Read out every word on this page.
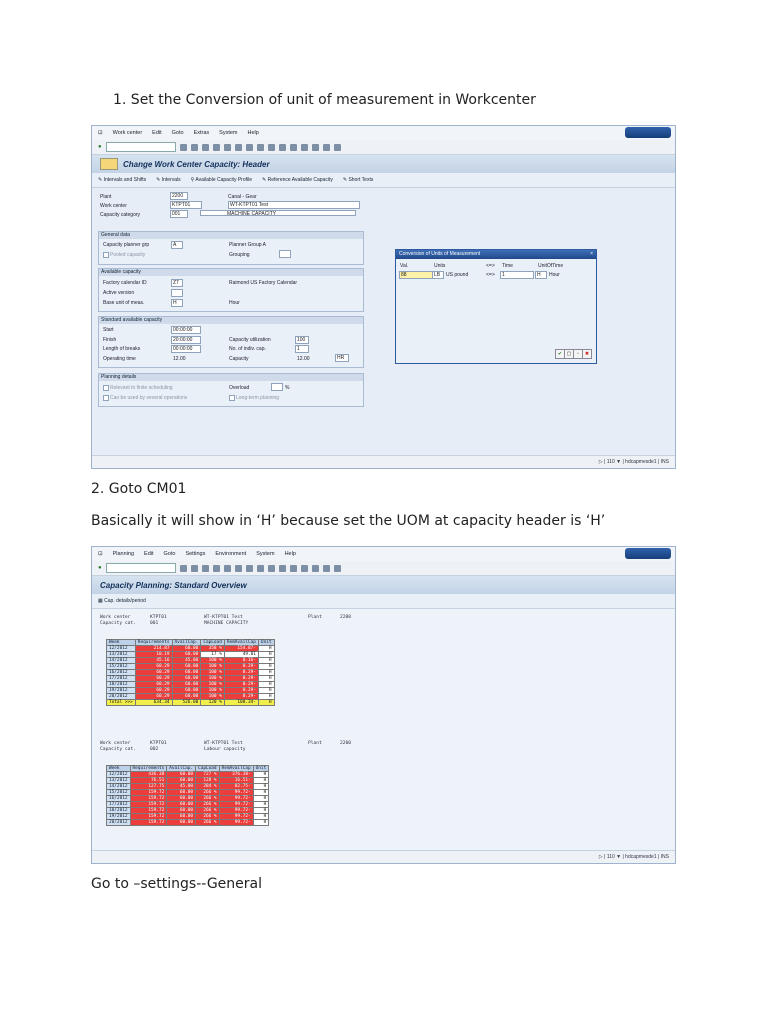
1. Set the Conversion of unit of measurement in Workcenter
⊡ Work center Edit Goto Extras System Help
●
Change Work Center Capacity: Header
✎ Intervals and Shifts ✎ Intervals ⚲ Available Capacity Profile ✎ Reference Available Capacity ✎ Short Texts
Plant	2200	Canal - Gear
Work center	KTPT01	WT-KTPT01 Test
Capacity category	001	MACHINE CAPACITY
General data
Capacity planner grp	A	Planner Group A
Pooled capacity	Grouping
Available capacity
Factory calendar ID	Z7	Raimond US Factory Calendar
Active version
Base unit of meas.	H	Hour
Standard available capacity
Start	00:00:00
Finish	20:00:00	Capacity utilization	100
Length of breaks	00:00:00	No. of indiv. cap.	1
Operating time	12.00	Capacity	12.00	HR
Planning details
Relevant to finite scheduling	Overload	%
Can be used by several operations	Long-term planning
Conversion of Units of Measurement	×
Val.	Units	<=> Time	UnitOfTime
88	LB	US pound	<=>	1	H	Hour
✔ ▢	▫	✖
▷ | 110 ▼ | hdcapmesde1 | INS
2. Goto CM01
Basically it will show in ‘H’ because set the UOM at capacity header is ‘H’
⊡ Planning Edit Goto Settings Environment System Help
●
Capacity Planning: Standard Overview
▦ Cap. details/period
Work center	KTPT01	WT-KTPT01 Test	Plant	2200
Capacity cat.	001	MACHINE CAPACITY
Week	Requirements	AvailCap.	CapLoad	RemAvailCap	Unit
12/2012	214.87	60.00	358 %	154.87-	H
13/2012	10.19	60.00	17 %	49.81	H
14/2012	45.16	45.00	100 %	0.16-	H
15/2012	60.29	60.00	100 %	0.29-	H
16/2012	60.29	60.00	100 %	0.29-	H
17/2012	60.29	60.00	100 %	0.29-	H
18/2012	60.29	60.00	100 %	0.29-	H
19/2012	60.29	60.00	100 %	0.29-	H
20/2012	60.29	60.00	100 %	0.29-	H
Total >>>	634.34	526.00	120 %	108.34-	H
Work center	KTPT01	WT-KTPT01 Test	Plant	2200
Capacity cat.	002	Labour capacity
Week	Requirements	AvailCap.	CapLoad	RemAvailCap	Unit
12/2012	436.38	60.00	727 %	376.38-	H
13/2012	76.51	60.00	128 %	16.51-	H
14/2012	127.75	45.00	284 %	82.75-	H
15/2012	159.72	60.00	266 %	99.72-	H
16/2012	159.72	60.00	266 %	99.72-	H
17/2012	159.72	60.00	266 %	99.72-	H
18/2012	159.72	60.00	266 %	99.72-	H
19/2012	159.72	60.00	266 %	99.72-	H
20/2012	159.72	60.00	266 %	99.72-	H
▷ | 110 ▼ | hdcapmesde1 | INS
Go to –settings--General
